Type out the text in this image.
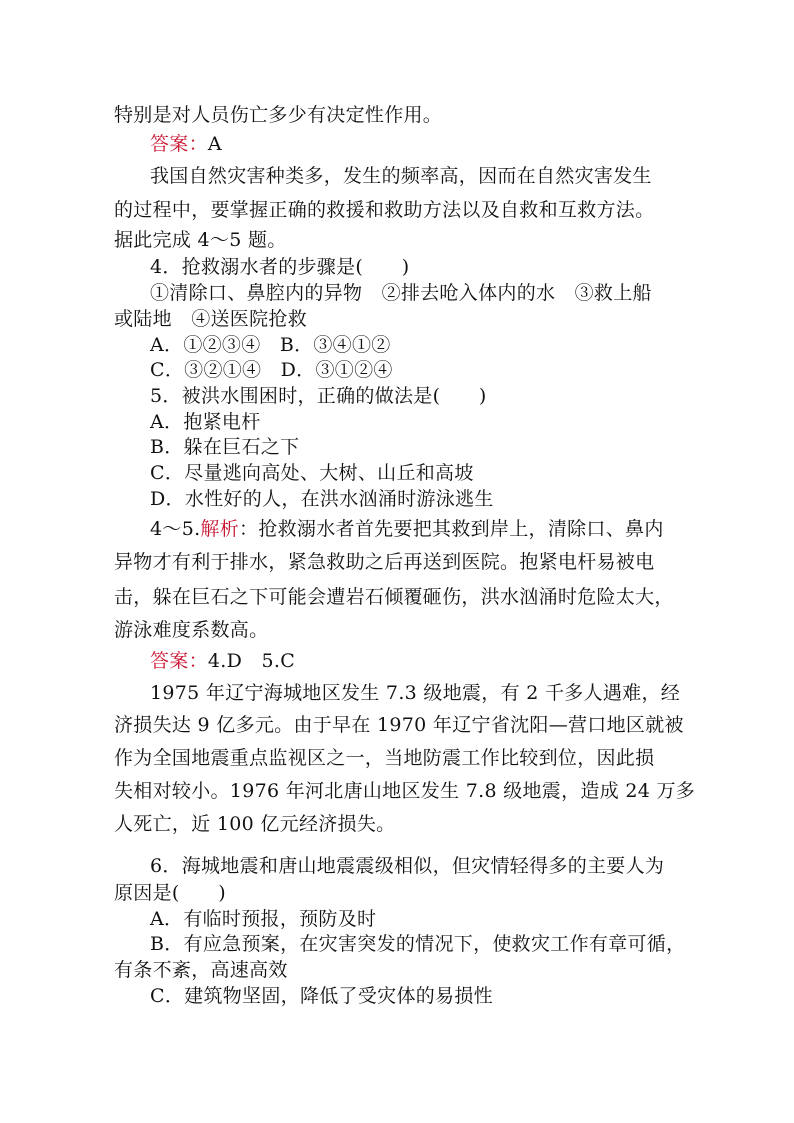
特别是对人员伤亡多少有决定性作用。
答案：A
我国自然灾害种类多，发生的频率高，因而在自然灾害发生
的过程中，要掌握正确的救援和救助方法以及自救和互救方法。
据此完成 4～5 题。
4．抢救溺水者的步骤是(　　)
①清除口、鼻腔内的异物　②排去呛入体内的水　③救上船
或陆地　④送医院抢救
A．①②③④　B．③④①②
C．③②①④　D．③①②④
5．被洪水围困时，正确的做法是(　　)
A．抱紧电杆
B．躲在巨石之下
C．尽量逃向高处、大树、山丘和高坡
D．水性好的人，在洪水汹涌时游泳逃生
4～5.解析：抢救溺水者首先要把其救到岸上，清除口、鼻内
异物才有利于排水，紧急救助之后再送到医院。抱紧电杆易被电
击，躲在巨石之下可能会遭岩石倾覆砸伤，洪水汹涌时危险太大，
游泳难度系数高。
答案：4.D　5.C
1975 年辽宁海城地区发生 7.3 级地震，有 2 千多人遇难，经
济损失达 9 亿多元。由于早在 1970 年辽宁省沈阳—营口地区就被
作为全国地震重点监视区之一，当地防震工作比较到位，因此损
失相对较小。1976 年河北唐山地区发生 7.8 级地震，造成 24 万多
人死亡，近 100 亿元经济损失。
6．海城地震和唐山地震震级相似，但灾情轻得多的主要人为
原因是(　　)
A．有临时预报，预防及时
B．有应急预案，在灾害突发的情况下，使救灾工作有章可循，
有条不紊，高速高效
C．建筑物坚固，降低了受灾体的易损性
